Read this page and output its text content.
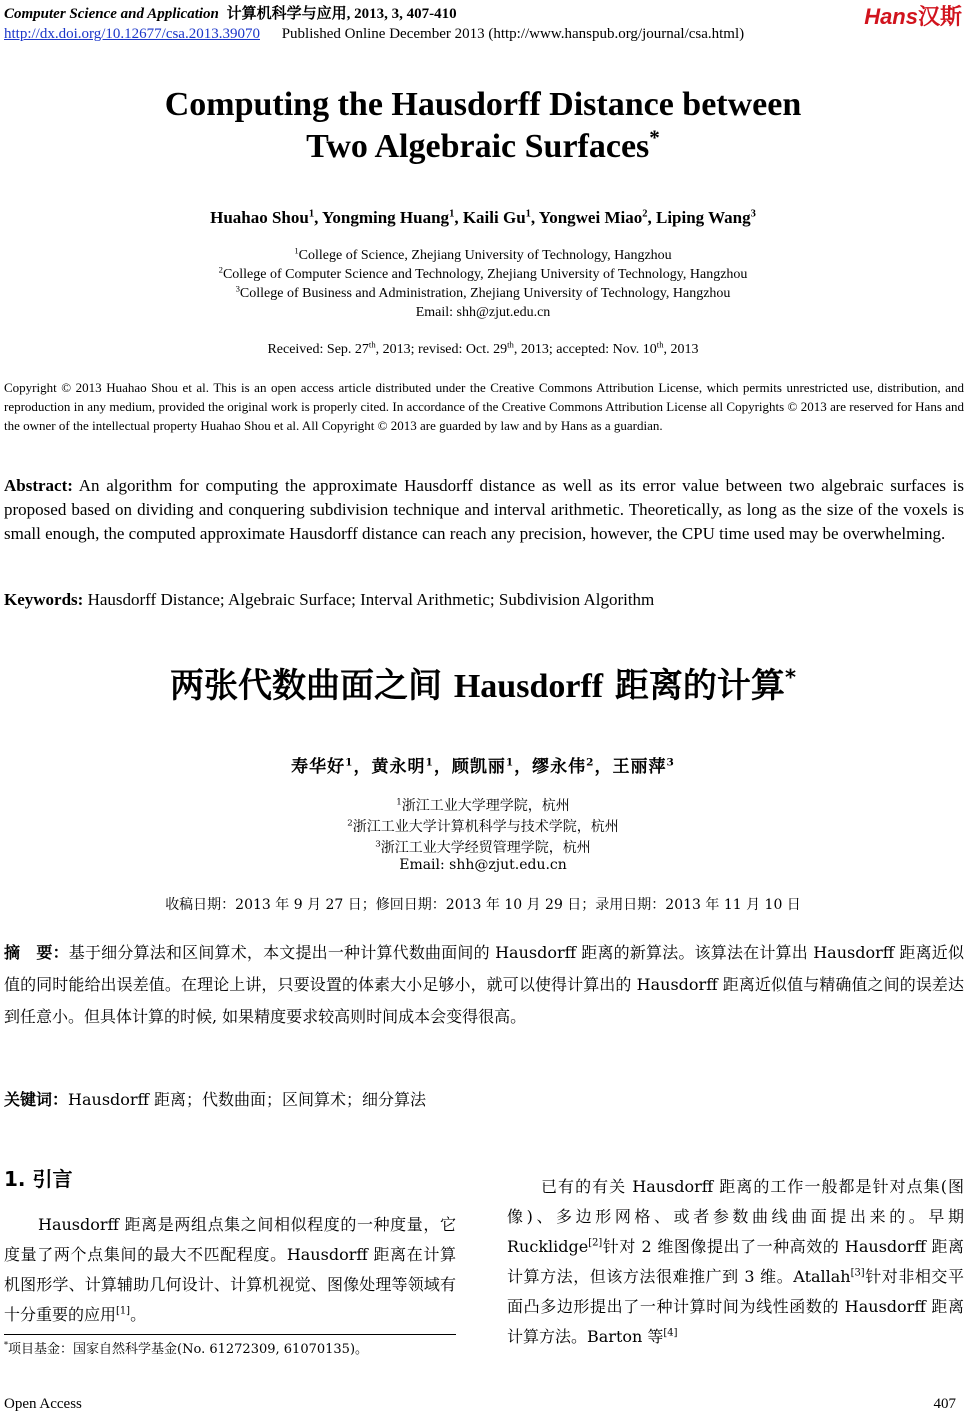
Computer Science and Application 计算机科学与应用, 2013, 3, 407-410
http://dx.doi.org/10.12677/csa.2013.39070 Published Online December 2013 (http://www.hanspub.org/journal/csa.html)
Hans汉斯
Computing the Hausdorff Distance between
Two Algebraic Surfaces*
Huahao Shou$^1$, Yongming Huang$^1$, Kaili Gu$^1$, Yongwei Miao$^2$, Liping Wang$^3$
$^1$College of Science, Zhejiang University of Technology, Hangzhou
$^2$College of Computer Science and Technology, Zhejiang University of Technology, Hangzhou
$^3$College of Business and Administration, Zhejiang University of Technology, Hangzhou
Email: shh@zjut.edu.cn
Received: Sep. 27th, 2013; revised: Oct. 29th, 2013; accepted: Nov. 10th, 2013
Copyright © 2013 Huahao Shou et al. This is an open access article distributed under the Creative Commons Attribution License, which permits unrestricted use, distribution, and reproduction in any medium, provided the original work is properly cited. In accordance of the Creative Commons Attribution License all Copyrights © 2013 are reserved for Hans and the owner of the intellectual property Huahao Shou et al. All Copyright © 2013 are guarded by law and by Hans as a guardian.
Abstract: An algorithm for computing the approximate Hausdorff distance as well as its error value between two algebraic surfaces is proposed based on dividing and conquering subdivision technique and interval arithmetic. Theoretically, as long as the size of the voxels is small enough, the computed approximate Hausdorff distance can reach any precision, however, the CPU time used may be overwhelming.
Keywords: Hausdorff Distance; Algebraic Surface; Interval Arithmetic; Subdivision Algorithm
两张代数曲面之间 Hausdorff 距离的计算*
寿华好$^1$，黄永明$^1$，顾凯丽$^1$，缪永伟$^2$，王丽萍$^3$
$^1$浙江工业大学理学院，杭州
$^2$浙江工业大学计算机科学与技术学院，杭州
$^3$浙江工业大学经贸管理学院，杭州
Email: shh@zjut.edu.cn
收稿日期：2013 年 9 月 27 日；修回日期：2013 年 10 月 29 日；录用日期：2013 年 11 月 10 日
摘　要：基于细分算法和区间算术，本文提出一种计算代数曲面间的 Hausdorff 距离的新算法。该算法在计算出 Hausdorff 距离近似值的同时能给出误差值。在理论上讲，只要设置的体素大小足够小，就可以使得计算出的 Hausdorff 距离近似值与精确值之间的误差达到任意小。但具体计算的时候, 如果精度要求较高则时间成本会变得很高。
关键词：Hausdorff 距离；代数曲面；区间算术；细分算法
1. 引言
Hausdorff 距离是两组点集之间相似程度的一种度量，它度量了两个点集间的最大不匹配程度。Hausdorff 距离在计算机图形学、计算辅助几何设计、计算机视觉、图像处理等领域有十分重要的应用[1]。
已有的有关 Hausdorff 距离的工作一般都是针对点集(图像)、多边形网格、或者参数曲线曲面提出来的。早期 Rucklidge[2]针对 2 维图像提出了一种高效的 Hausdorff 距离计算方法，但该方法很难推广到 3 维。Atallah[3]针对非相交平面凸多边形提出了一种计算时间为线性函数的 Hausdorff 距离计算方法。Barton 等[4]
*项目基金：国家自然科学基金(No. 61272309, 61070135)。
Open Access	407
